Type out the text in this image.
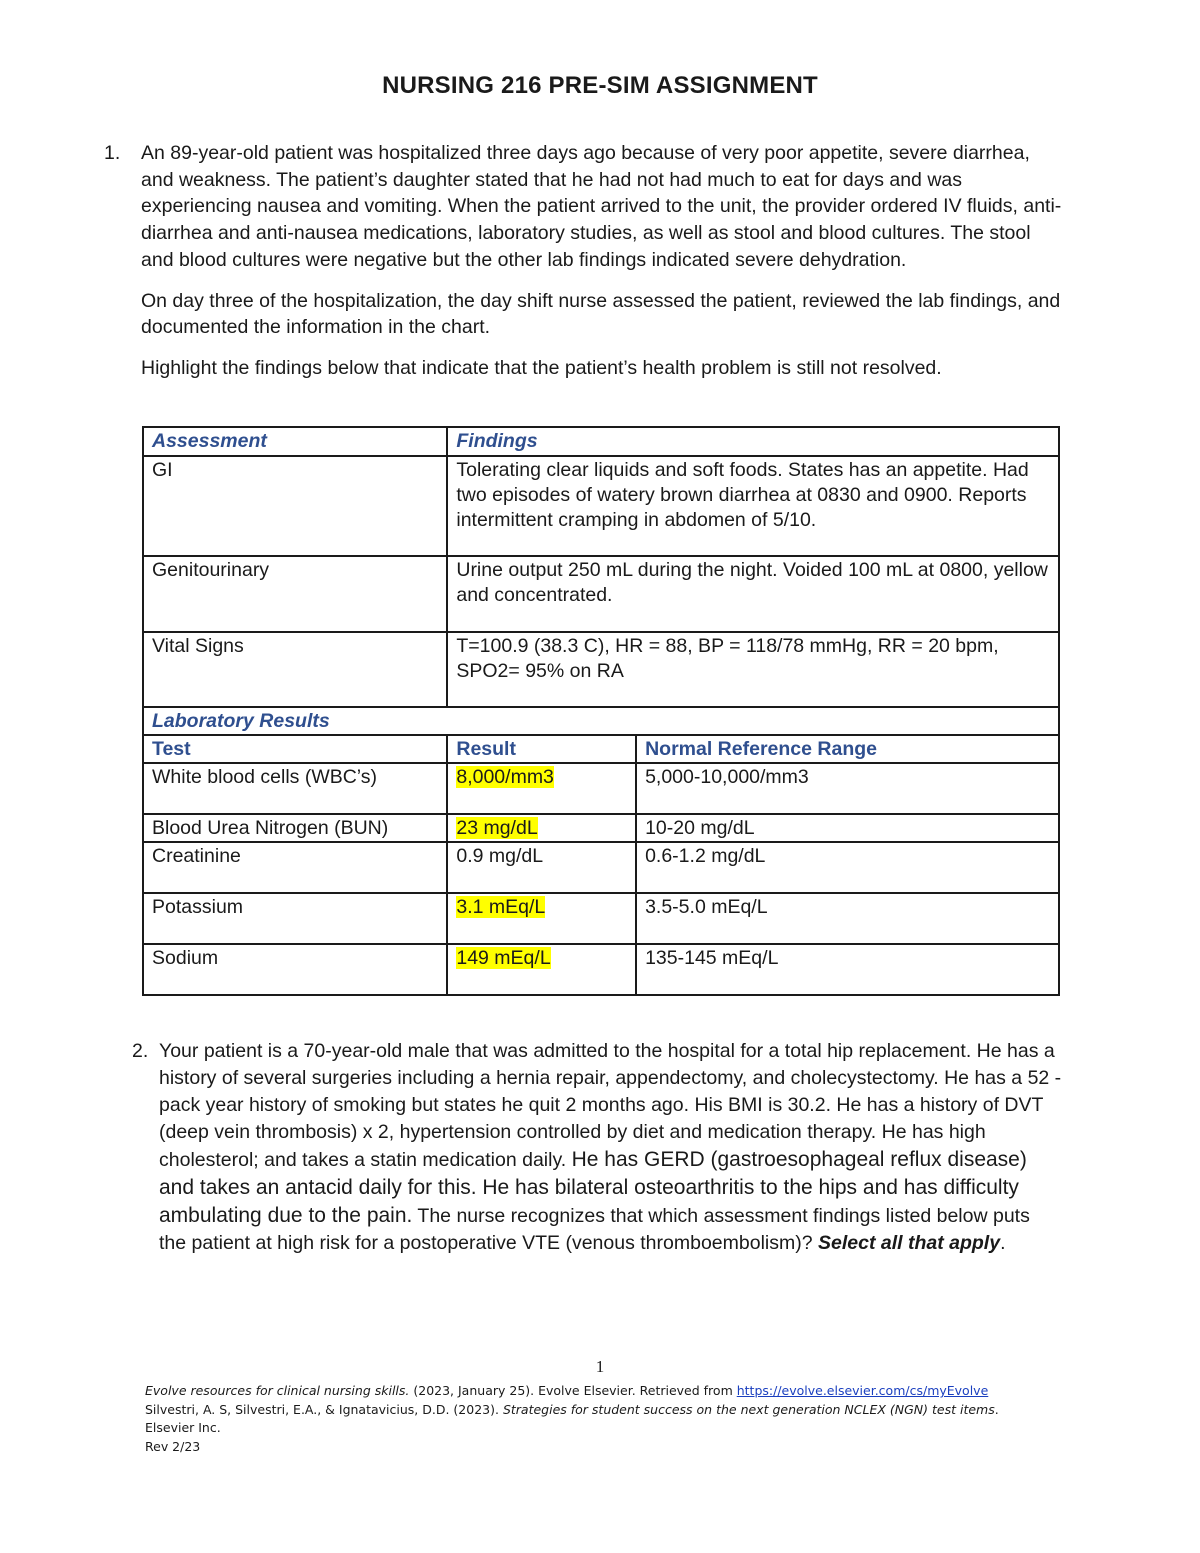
NURSING 216 PRE-SIM ASSIGNMENT
1. An 89-year-old patient was hospitalized three days ago because of very poor appetite, severe diarrhea, and weakness. The patient’s daughter stated that he had not had much to eat for days and was experiencing nausea and vomiting. When the patient arrived to the unit, the provider ordered IV fluids, anti-diarrhea and anti-nausea medications, laboratory studies, as well as stool and blood cultures. The stool and blood cultures were negative but the other lab findings indicated severe dehydration.

On day three of the hospitalization, the day shift nurse assessed the patient, reviewed the lab findings, and documented the information in the chart.

Highlight the findings below that indicate that the patient’s health problem is still not resolved.

Assessment	Findings	
GI	Tolerating clear liquids and soft foods. States has an appetite. Had two episodes of watery brown diarrhea at 0830 and 0900. Reports intermittent cramping in abdomen of 5/10.	
Genitourinary	Urine output 250 mL during the night. Voided 100 mL at 0800, yellow and concentrated.	
Vital Signs	T=100.9 (38.3 C), HR = 88, BP = 118/78 mmHg, RR = 20 bpm, SPO2= 95% on RA	
Laboratory Results		
Test	Result	Normal Reference Range
White blood cells (WBC’s)	8,000/mm3	5,000-10,000/mm3
Blood Urea Nitrogen (BUN)	23 mg/dL	10-20 mg/dL
Creatinine	0.9 mg/dL	0.6-1.2 mg/dL
Potassium	3.1 mEq/L	3.5-5.0 mEq/L
Sodium	149 mEq/L	135-145 mEq/L
2. Your patient is a 70-year-old male that was admitted to the hospital for a total hip replacement. He has a history of several surgeries including a hernia repair, appendectomy, and cholecystectomy. He has a 52 -pack year history of smoking but states he quit 2 months ago. His BMI is 30.2. He has a history of DVT (deep vein thrombosis) x 2, hypertension controlled by diet and medication therapy. He has high cholesterol; and takes a statin medication daily. He has GERD (gastroesophageal reflux disease) and takes an antacid daily for this. He has bilateral osteoarthritis to the hips and has difficulty ambulating due to the pain. The nurse recognizes that which assessment findings listed below puts the patient at high risk for a postoperative VTE (venous thromboembolism)? Select all that apply.
1
Evolve resources for clinical nursing skills. (2023, January 25). Evolve Elsevier. Retrieved from https://evolve.elsevier.com/cs/myEvolve
Silvestri, A. S, Silvestri, E.A., & Ignatavicius, D.D. (2023). Strategies for student success on the next generation NCLEX (NGN) test items. Elsevier Inc.
Rev 2/23
